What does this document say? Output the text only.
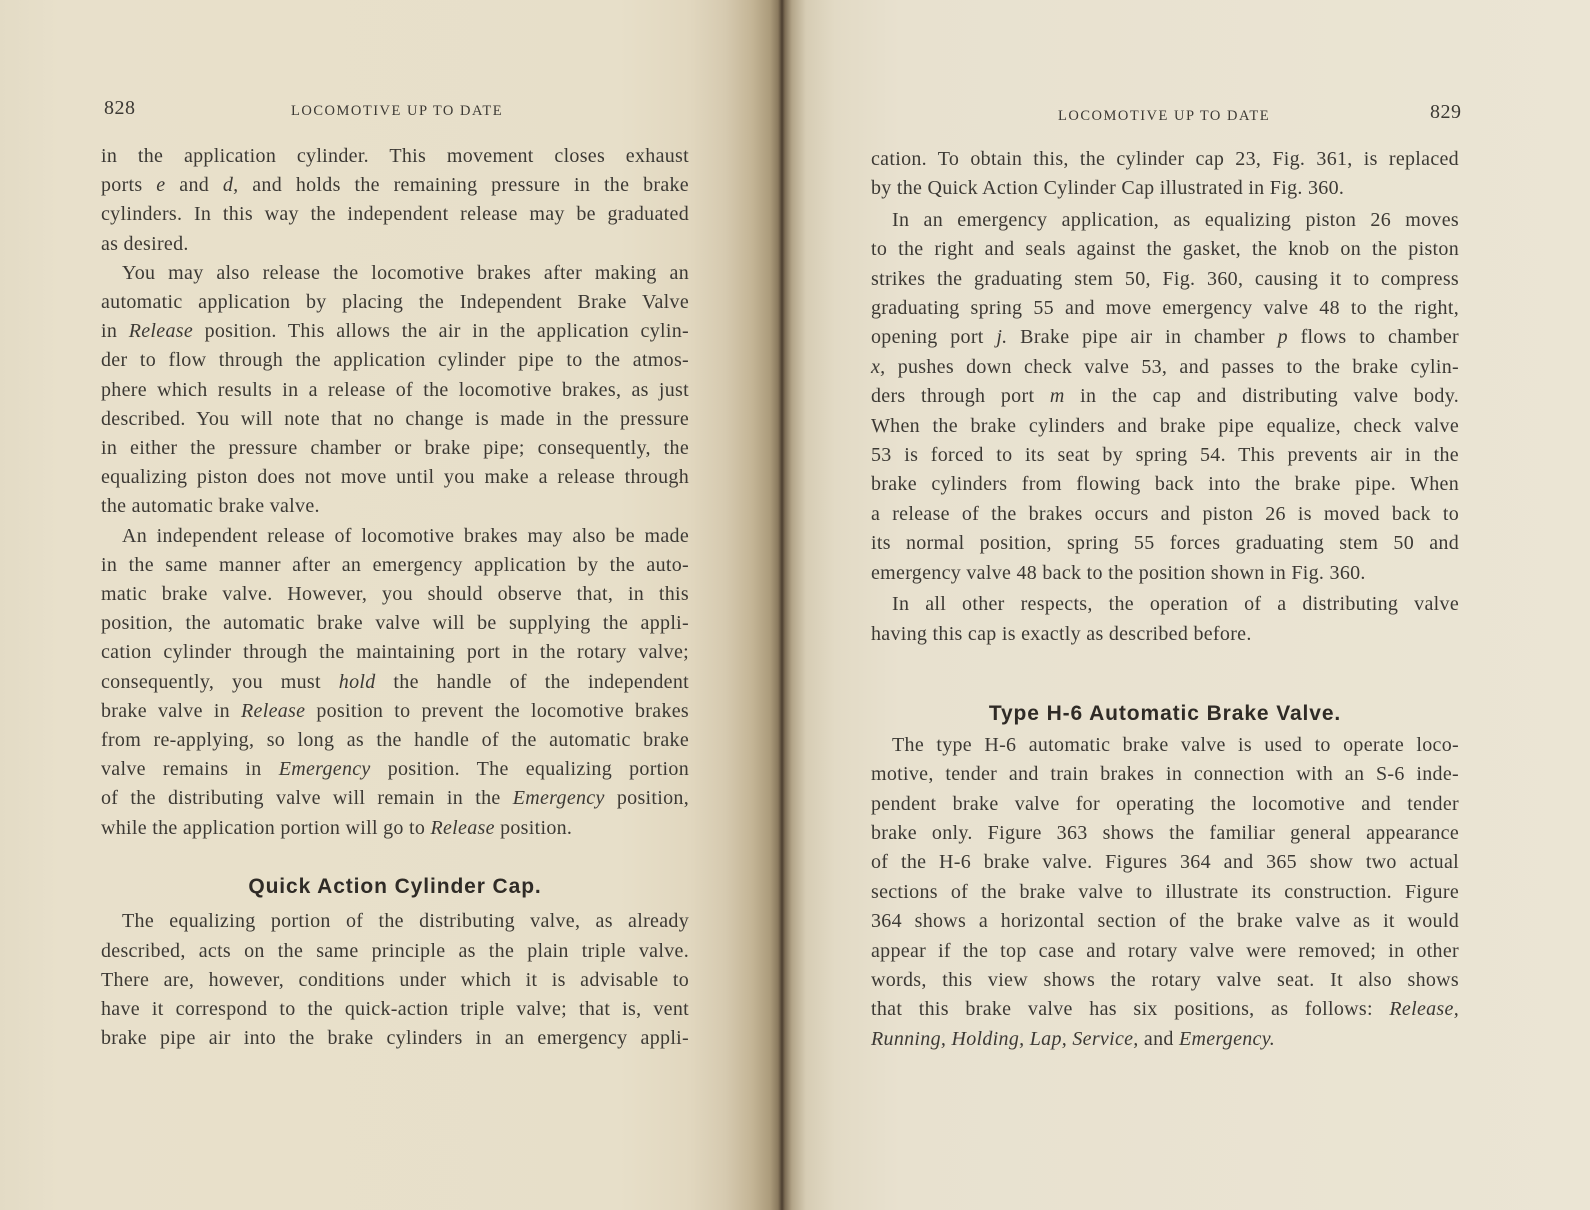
828	LOCOMOTIVE UP TO DATE
in the application cylinder. This movement closes exhaust
ports e and d, and holds the remaining pressure in the brake
cylinders. In this way the independent release may be graduated
as desired.
You may also release the locomotive brakes after making an
automatic application by placing the Independent Brake Valve
in Release position. This allows the air in the application cylin-
der to flow through the application cylinder pipe to the atmos-
phere which results in a release of the locomotive brakes, as just
described. You will note that no change is made in the pressure
in either the pressure chamber or brake pipe; consequently, the
equalizing piston does not move until you make a release through
the automatic brake valve.
An independent release of locomotive brakes may also be made
in the same manner after an emergency application by the auto-
matic brake valve. However, you should observe that, in this
position, the automatic brake valve will be supplying the appli-
cation cylinder through the maintaining port in the rotary valve;
consequently, you must hold the handle of the independent
brake valve in Release position to prevent the locomotive brakes
from re-applying, so long as the handle of the automatic brake
valve remains in Emergency position. The equalizing portion
of the distributing valve will remain in the Emergency position,
while the application portion will go to Release position.
Quick Action Cylinder Cap.
The equalizing portion of the distributing valve, as already
described, acts on the same principle as the plain triple valve.
There are, however, conditions under which it is advisable to
have it correspond to the quick-action triple valve; that is, vent
brake pipe air into the brake cylinders in an emergency appli-
LOCOMOTIVE UP TO DATE	829
cation. To obtain this, the cylinder cap 23, Fig. 361, is replaced
by the Quick Action Cylinder Cap illustrated in Fig. 360.
In an emergency application, as equalizing piston 26 moves
to the right and seals against the gasket, the knob on the piston
strikes the graduating stem 50, Fig. 360, causing it to compress
graduating spring 55 and move emergency valve 48 to the right,
opening port j. Brake pipe air in chamber p flows to chamber
x, pushes down check valve 53, and passes to the brake cylin-
ders through port m in the cap and distributing valve body.
When the brake cylinders and brake pipe equalize, check valve
53 is forced to its seat by spring 54. This prevents air in the
brake cylinders from flowing back into the brake pipe. When
a release of the brakes occurs and piston 26 is moved back to
its normal position, spring 55 forces graduating stem 50 and
emergency valve 48 back to the position shown in Fig. 360.
In all other respects, the operation of a distributing valve
having this cap is exactly as described before.
Type H-6 Automatic Brake Valve.
The type H-6 automatic brake valve is used to operate loco-
motive, tender and train brakes in connection with an S-6 inde-
pendent brake valve for operating the locomotive and tender
brake only. Figure 363 shows the familiar general appearance
of the H-6 brake valve. Figures 364 and 365 show two actual
sections of the brake valve to illustrate its construction. Figure
364 shows a horizontal section of the brake valve as it would
appear if the top case and rotary valve were removed; in other
words, this view shows the rotary valve seat. It also shows
that this brake valve has six positions, as follows: Release,
Running, Holding, Lap, Service, and Emergency.
